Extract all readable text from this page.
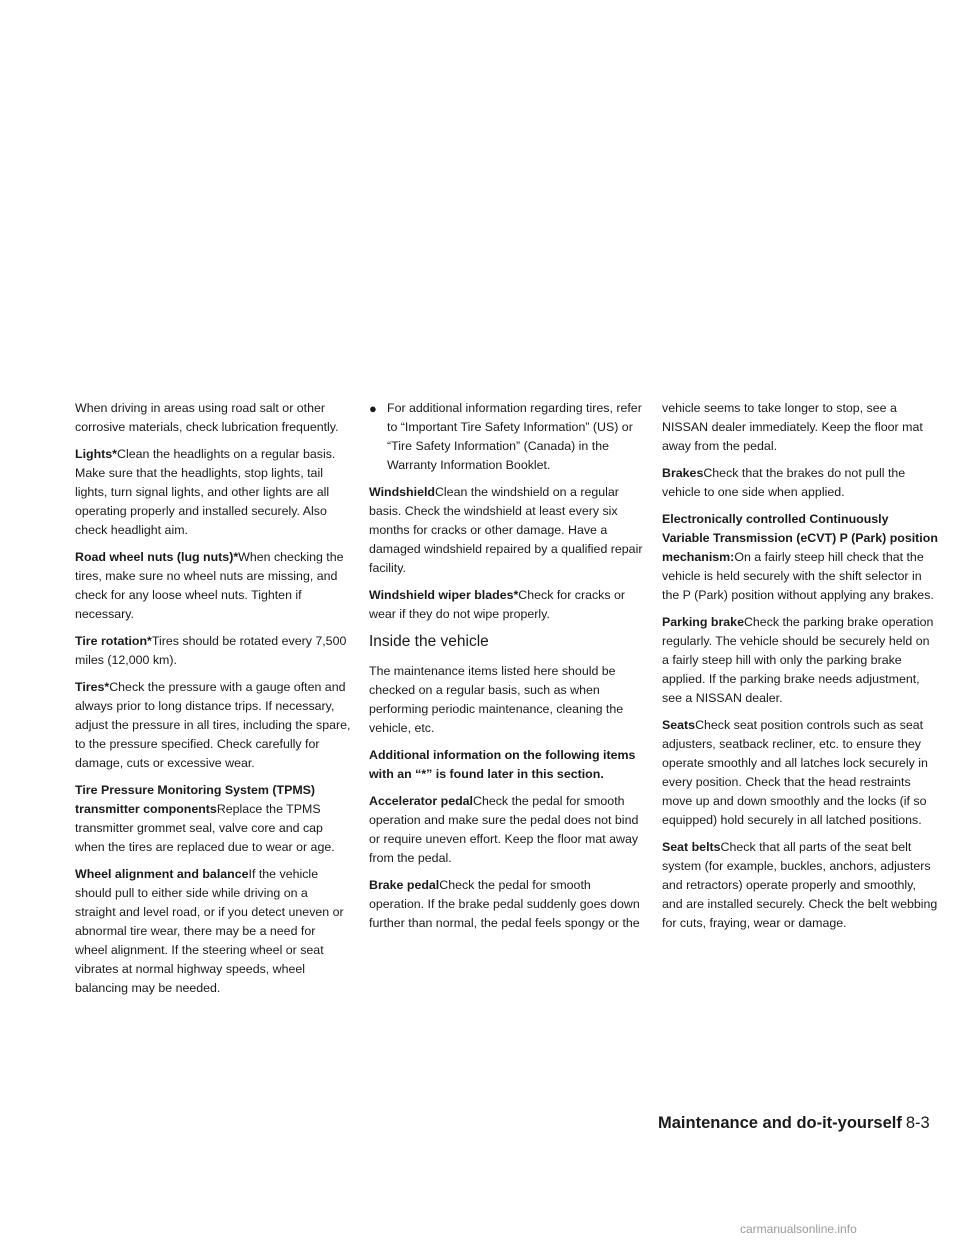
When driving in areas using road salt or other corrosive materials, check lubrication frequently.

Lights*Clean the headlights on a regular basis. Make sure that the headlights, stop lights, tail lights, turn signal lights, and other lights are all operating properly and installed securely. Also check headlight aim.

Road wheel nuts (lug nuts)*When checking the tires, make sure no wheel nuts are missing, and check for any loose wheel nuts. Tighten if necessary.

Tire rotation*Tires should be rotated every 7,500 miles (12,000 km).

Tires*Check the pressure with a gauge often and always prior to long distance trips. If necessary, adjust the pressure in all tires, including the spare, to the pressure specified. Check carefully for damage, cuts or excessive wear.

Tire Pressure Monitoring System (TPMS) transmitter componentsReplace the TPMS transmitter grommet seal, valve core and cap when the tires are replaced due to wear or age.

Wheel alignment and balanceIf the vehicle should pull to either side while driving on a straight and level road, or if you detect uneven or abnormal tire wear, there may be a need for wheel alignment. If the steering wheel or seat vibrates at normal highway speeds, wheel balancing may be needed.

● For additional information regarding tires, refer to “Important Tire Safety Information” (US) or “Tire Safety Information” (Canada) in the Warranty Information Booklet.

WindshieldClean the windshield on a regular basis. Check the windshield at least every six months for cracks or other damage. Have a damaged windshield repaired by a qualified repair facility.

Windshield wiper blades*Check for cracks or wear if they do not wipe properly.

Inside the vehicle

The maintenance items listed here should be checked on a regular basis, such as when performing periodic maintenance, cleaning the vehicle, etc.

Additional information on the following items with an “*” is found later in this section.

Accelerator pedalCheck the pedal for smooth operation and make sure the pedal does not bind or require uneven effort. Keep the floor mat away from the pedal.

Brake pedalCheck the pedal for smooth operation. If the brake pedal suddenly goes down further than normal, the pedal feels spongy or the

vehicle seems to take longer to stop, see a NISSAN dealer immediately. Keep the floor mat away from the pedal.

BrakesCheck that the brakes do not pull the vehicle to one side when applied.

Electronically controlled Continuously Variable Transmission (eCVT) P (Park) position mechanism:On a fairly steep hill check that the vehicle is held securely with the shift selector in the P (Park) position without applying any brakes.

Parking brakeCheck the parking brake operation regularly. The vehicle should be securely held on a fairly steep hill with only the parking brake applied. If the parking brake needs adjustment, see a NISSAN dealer.

SeatsCheck seat position controls such as seat adjusters, seatback recliner, etc. to ensure they operate smoothly and all latches lock securely in every position. Check that the head restraints move up and down smoothly and the locks (if so equipped) hold securely in all latched positions.

Seat beltsCheck that all parts of the seat belt system (for example, buckles, anchors, adjusters and retractors) operate properly and smoothly, and are installed securely. Check the belt webbing for cuts, fraying, wear or damage.

Maintenance and do-it-yourself 8-3
carmanualsonline.info
